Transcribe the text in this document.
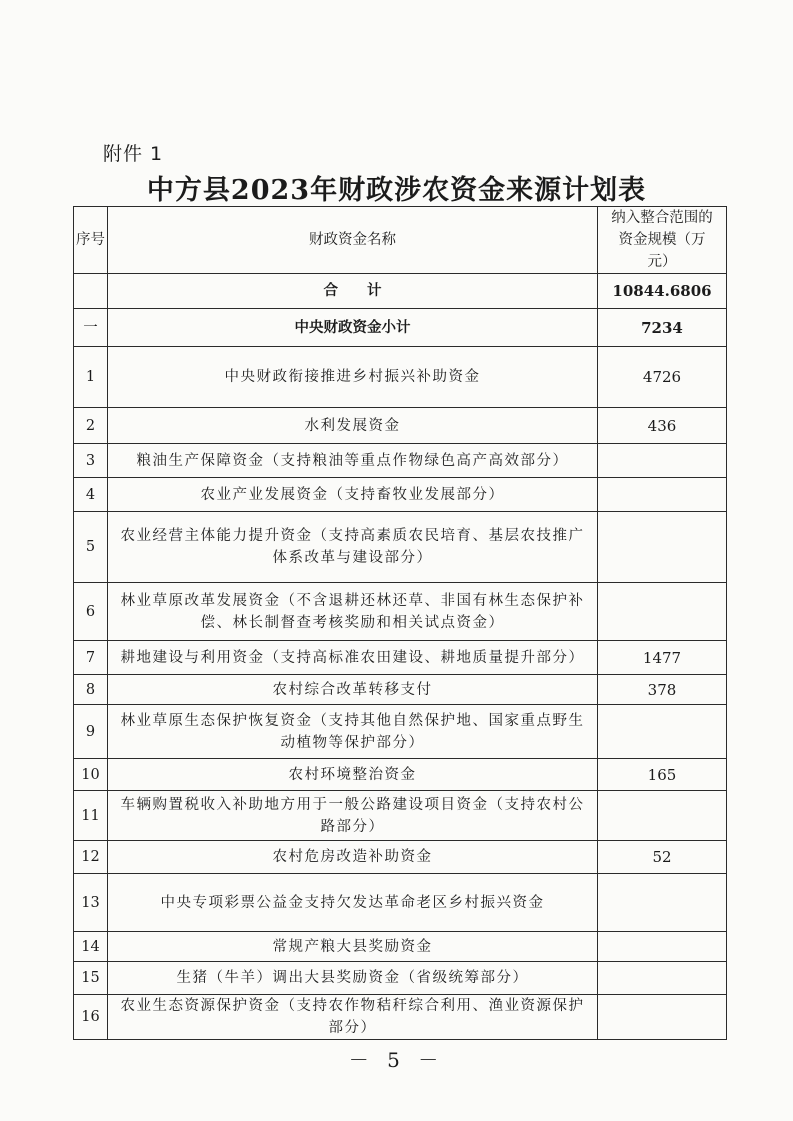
附件 1
中方县2023年财政涉农资金来源计划表
序号	财政资金名称	纳入整合范围的资金规模（万元）
	合　　计	10844.6806
一	中央财政资金小计	7234
1	中央财政衔接推进乡村振兴补助资金	4726
2	水利发展资金	436
3	粮油生产保障资金（支持粮油等重点作物绿色高产高效部分）	
4	农业产业发展资金（支持畜牧业发展部分）	
5	农业经营主体能力提升资金（支持高素质农民培育、基层农技推广体系改革与建设部分）	
6	林业草原改革发展资金（不含退耕还林还草、非国有林生态保护补偿、林长制督查考核奖励和相关试点资金）	
7	耕地建设与利用资金（支持高标准农田建设、耕地质量提升部分）	1477
8	农村综合改革转移支付	378
9	林业草原生态保护恢复资金（支持其他自然保护地、国家重点野生动植物等保护部分）	
10	农村环境整治资金	165
11	车辆购置税收入补助地方用于一般公路建设项目资金（支持农村公路部分）	
12	农村危房改造补助资金	52
13	中央专项彩票公益金支持欠发达革命老区乡村振兴资金	
14	常规产粮大县奖励资金	
15	生猪（牛羊）调出大县奖励资金（省级统筹部分）	
16	农业生态资源保护资金（支持农作物秸秆综合利用、渔业资源保护部分）	
－ 5 －
